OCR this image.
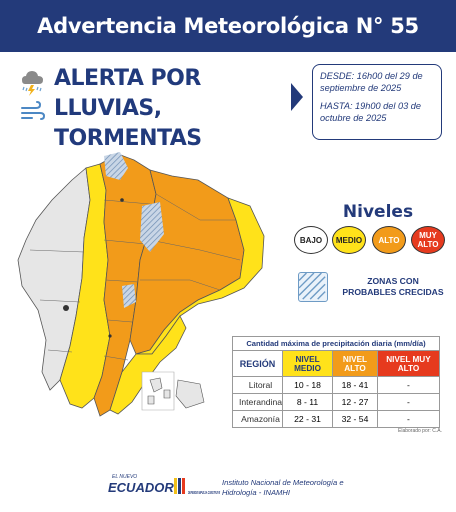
Advertencia Meteorológica N° 55
ALERTA POR LLUVIAS,
TORMENTAS
DESDE: 16h00 del 29 de septiembre de 2025
HASTA: 19h00 del 03 de octubre de 2025
Niveles
BAJO	MEDIO	ALTO	MUY ALTO
ZONAS CON
PROBABLES CRECIDAS
Cantidad máxima de precipitación diaria (mm/día)			
REGIÓN	NIVEL MEDIO	NIVEL ALTO	NIVEL MUY ALTO
Litoral	10 - 18	18 - 41	-
Interandina	8 - 11	12 - 27	-
Amazonía	22 - 31	32 - 54	-
Elaborado por: C.A.
EL NUEVO
ECUADOR	DEFIENDE IMPULSA CONSTRUYE
Instituto Nacional de Meteorología e
Hidrología - INAMHI
